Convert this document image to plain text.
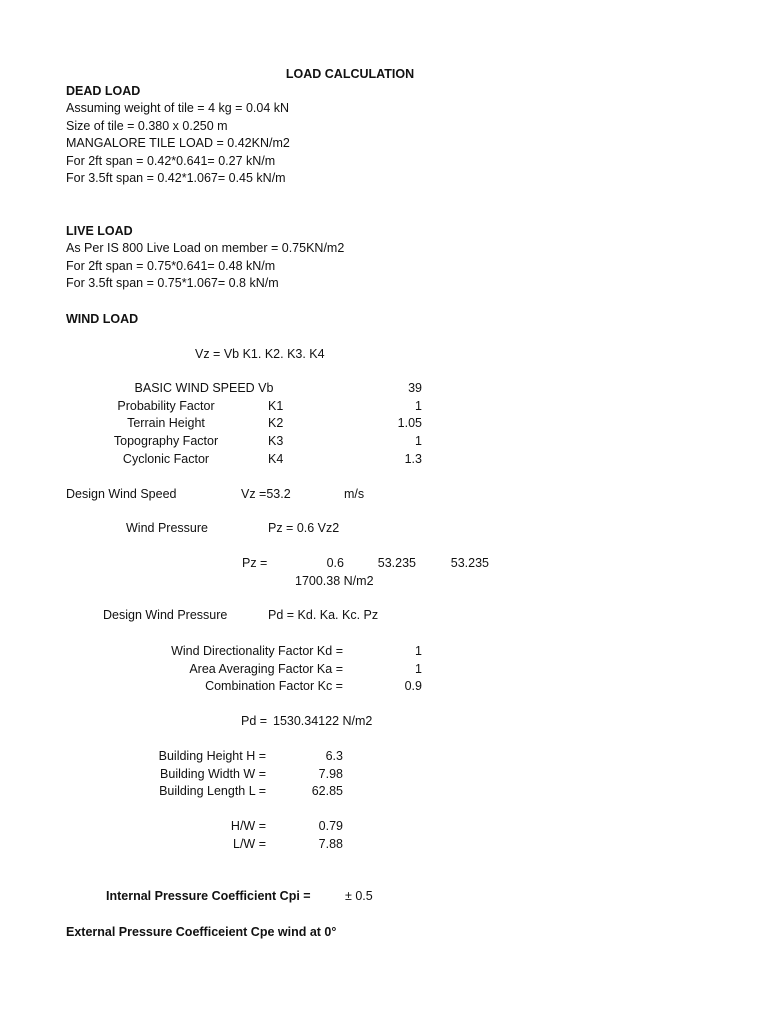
LOAD CALCULATION
DEAD LOAD
Assuming weight of tile = 4 kg = 0.04 kN
Size of tile = 0.380 x 0.250 m
MANGALORE TILE LOAD = 0.42KN/m2
For 2ft span = 0.42*0.641= 0.27 kN/m
For 3.5ft span = 0.42*1.067= 0.45 kN/m
LIVE LOAD
As Per IS 800 Live Load on member = 0.75KN/m2
For 2ft span = 0.75*0.641= 0.48 kN/m
For 3.5ft span = 0.75*1.067= 0.8 kN/m
WIND LOAD
Vz = Vb K1. K2. K3. K4
BASIC WIND SPEED Vb	39
Probability Factor	K1	1
Terrain Height	K2	1.05
Topography Factor	K3	1
Cyclonic Factor	K4	1.3
Design Wind Speed	Vz =53.2	m/s
Wind Pressure	Pz = 0.6 Vz2
Pz =	0.6	53.235	53.235
1700.38 N/m2
Design Wind Pressure	Pd = Kd. Ka. Kc. Pz
Wind Directionality Factor Kd =	1
Area Averaging Factor Ka =	1
Combination Factor Kc =	0.9
Pd = 1530.34122 N/m2
Building Height H =	6.3
Building Width W =	7.98
Building Length L =	62.85
H/W =	0.79
L/W =	7.88
Internal Pressure Coefficient Cpi =	± 0.5
External Pressure Coefficeient Cpe wind at 0°
